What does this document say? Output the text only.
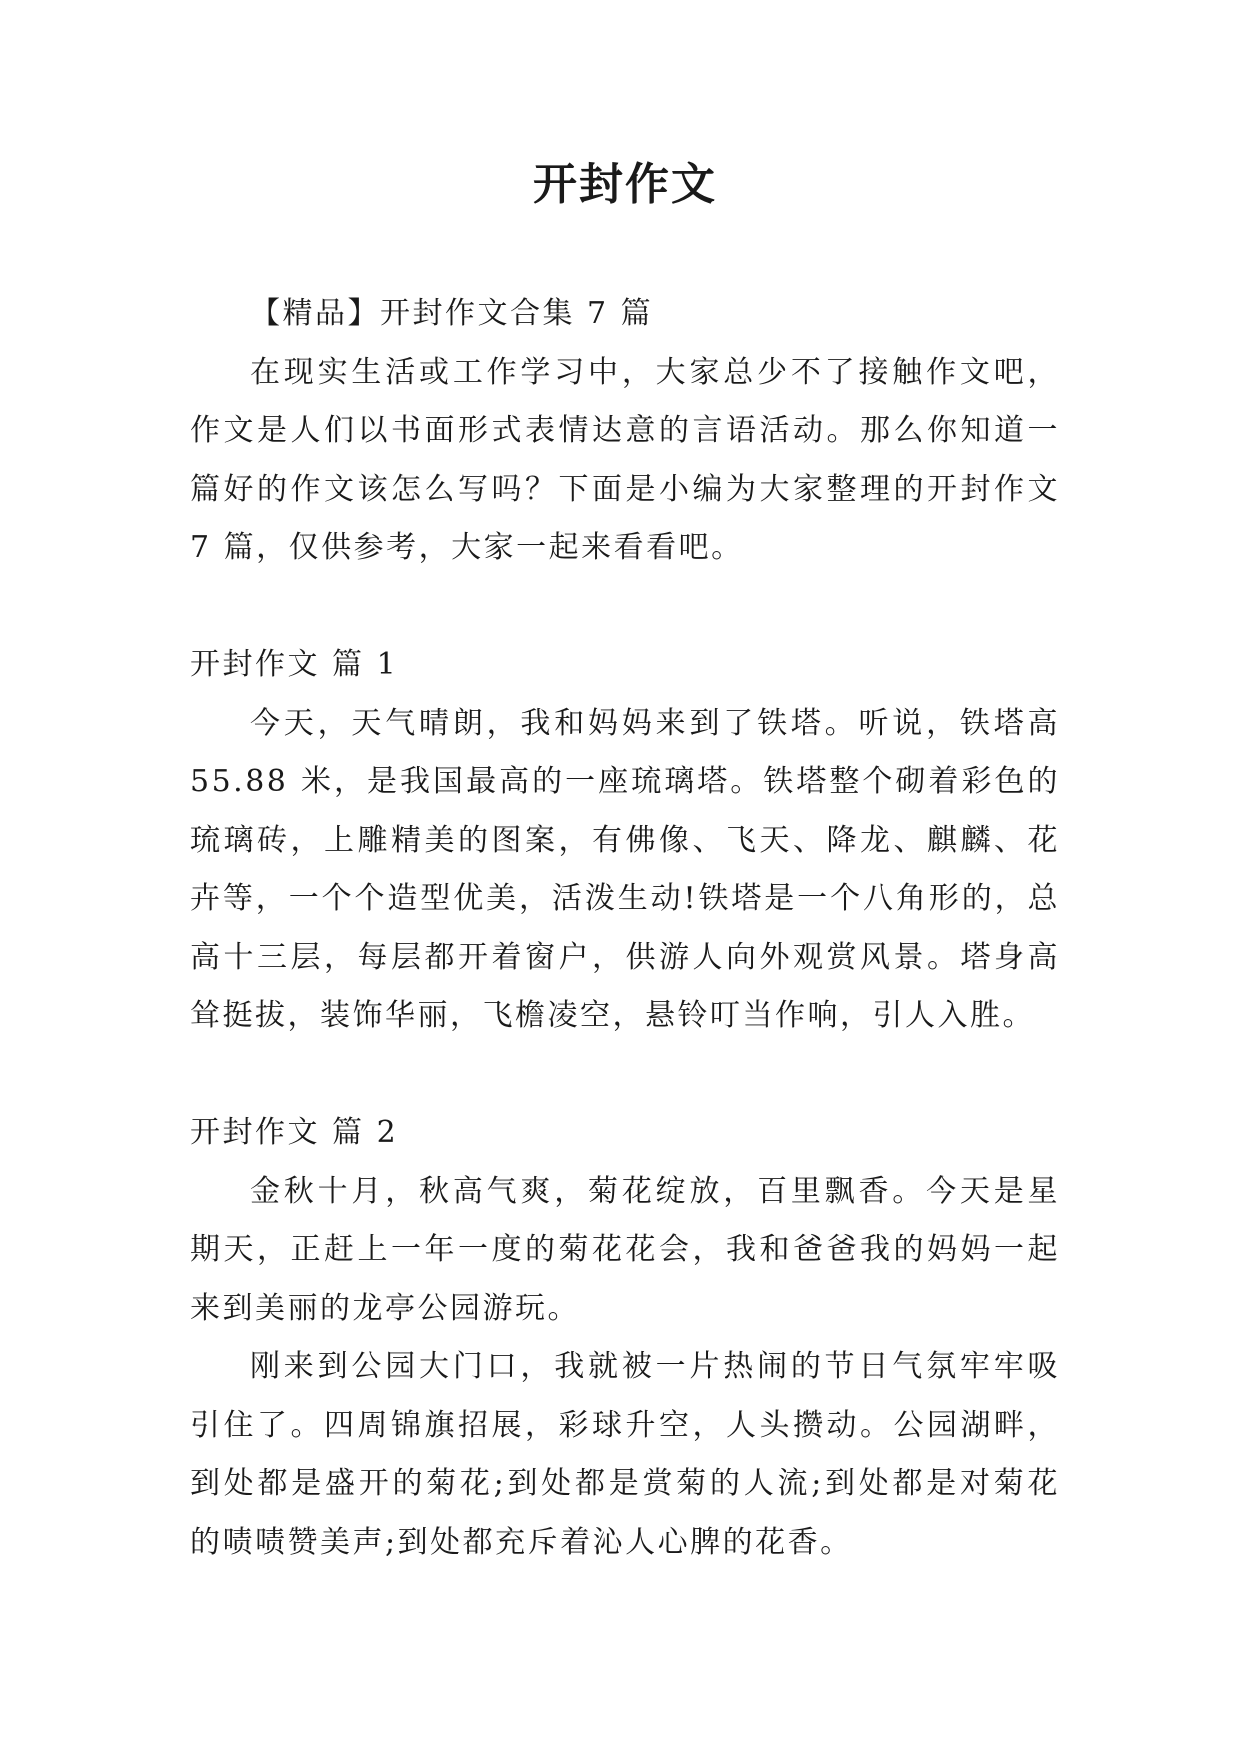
开封作文

【精品】开封作文合集 7 篇

在现实生活或工作学习中，大家总少不了接触作文吧，作文是人们以书面形式表情达意的言语活动。那么你知道一篇好的作文该怎么写吗？下面是小编为大家整理的开封作文 7 篇，仅供参考，大家一起来看看吧。

开封作文 篇 1

今天，天气晴朗，我和妈妈来到了铁塔。听说，铁塔高 55.88 米，是我国最高的一座琉璃塔。铁塔整个砌着彩色的琉璃砖，上雕精美的图案，有佛像、飞天、降龙、麒麟、花卉等，一个个造型优美，活泼生动!铁塔是一个八角形的，总高十三层，每层都开着窗户，供游人向外观赏风景。塔身高耸挺拔，装饰华丽，飞檐凌空，悬铃叮当作响，引人入胜。

开封作文 篇 2

金秋十月，秋高气爽，菊花绽放，百里飘香。今天是星期天，正赶上一年一度的菊花花会，我和爸爸我的妈妈一起来到美丽的龙亭公园游玩。

刚来到公园大门口，我就被一片热闹的节日气氛牢牢吸引住了。四周锦旗招展，彩球升空，人头攒动。公园湖畔，到处都是盛开的菊花;到处都是赏菊的人流;到处都是对菊花的啧啧赞美声;到处都充斥着沁人心脾的花香。
